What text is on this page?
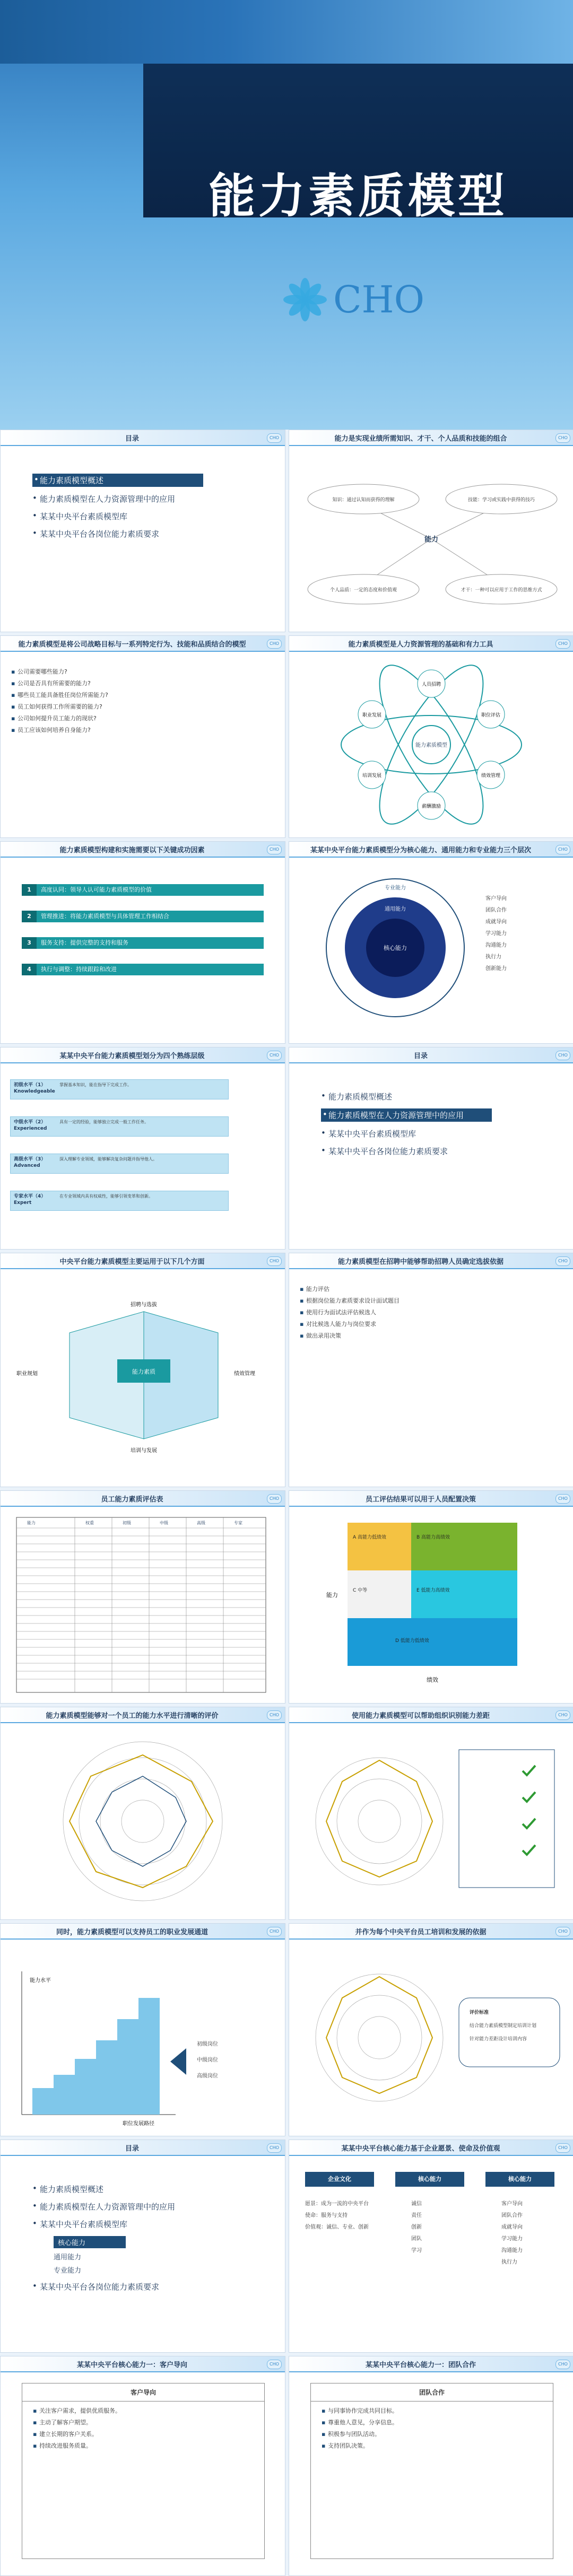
能力素质模型
CHO
目录	CHO
• 能力素质模型概述
• 能力素质模型在人力资源管理中的应用
• 某某中央平台素质模型库
• 某某中央平台各岗位能力素质要求
能力是实现业绩所需知识、才干、个人品质和技能的组合	CHO
能力
知识：通过认知而获得的理解	技能：学习或实践中获得的技巧
个人品质：一定的态度和价值观	才干：一种可以应用于工作的思维方式
能力素质模型是将公司战略目标与一系列特定行为、技能和品质结合的模型	CHO

▪ 公司需要哪些能力?

▪ 公司是否具有所需要的能力?

▪ 哪些员工能具备胜任岗位所需能力?

▪ 员工如何获得工作所需要的能力?

▪ 公司如何提升员工能力的现状?

▪ 员工应该如何培养自身能力?

能力素质模型是人力资源管理的基础和有力工具	CHO
能力素质模型
人员招聘
职位评估
绩效管理
薪酬激励
培训发展
职业发展
能力素质模型构建和实施需要以下关键成功因素	CHO
1	高度认同：领导人认可能力素质模型的价值
2	管理推进：将能力素质模型与具体管理工作相结合
3	服务支持：提供完整的支持和服务
4	执行与调整：持续跟踪和改进
某某中央平台能力素质模型分为核心能力、通用能力和专业能力三个层次	CHO
核心能力
通用能力
专业能力
客户导向
团队合作
成就导向
学习能力
沟通能力
执行力
创新能力
某某中央平台能力素质模型划分为四个熟练层级	CHO
初级水平（1）Knowledgeable
掌握基本知识，能在指导下完成工作。
中级水平（2）Experienced
具有一定的经验，能够独立完成一般工作任务。
高级水平（3）Advanced
深入理解专业领域，能够解决复杂问题并指导他人。
专家水平（4）Expert
在专业领域内具有权威性，能够引领变革和创新。
目录	CHO
• 能力素质模型概述
• 能力素质模型在人力资源管理中的应用
• 某某中央平台素质模型库
• 某某中央平台各岗位能力素质要求
中央平台能力素质模型主要运用于以下几个方面	CHO
能力素质
招聘与选拔
绩效管理
培训与发展
职业规划
能力素质模型在招聘中能够帮助招聘人员确定选拔依据	CHO

▪ 能力评估

▪ 根据岗位能力素质要求设计面试题目

▪ 使用行为面试法评估候选人

▪ 对比候选人能力与岗位要求

▪ 做出录用决策

员工能力素质评估表	CHO
能力	权重	初级	中级	高级	专家
员工评估结果可以用于人员配置决策	CHO
A 高能力低绩效	B 高能力高绩效
C 中等	E 低能力高绩效
D 低能力低绩效
能力
绩效
能力素质模型能够对一个员工的能力水平进行清晰的评价	CHO	使用能力素质模型可以帮助组织识别能力差距	CHO
同时，能力素质模型可以支持员工的职业发展通道	CHO
能力水平
职位发展路径
初级岗位
中级岗位
高级岗位
并作为每个中央平台员工培训和发展的依据	CHO
评价标准
结合能力素质模型制定培训计划
针对能力差距设计培训内容
目录	CHO
• 能力素质模型概述
• 能力素质模型在人力资源管理中的应用
• 某某中央平台素质模型库
核心能力
通用能力
专业能力
• 某某中央平台各岗位能力素质要求
某某中央平台核心能力基于企业愿景、使命及价值观	CHO
企业文化	核心能力	核心能力
愿景：成为一流的中央平台
使命：服务与支持
价值观：诚信、专业、创新
诚信
责任
创新
团队
学习
客户导向
团队合作
成就导向
学习能力
沟通能力
执行力
某某中央平台核心能力一：客户导向	CHO
客户导向

▪ 关注客户需求，提供优质服务。

▪ 主动了解客户期望。

▪ 建立长期的客户关系。

▪ 持续改进服务质量。

某某中央平台核心能力一：团队合作	CHO
团队合作

▪ 与同事协作完成共同目标。

▪ 尊重他人意见，分享信息。

▪ 积极参与团队活动。

▪ 支持团队决策。
